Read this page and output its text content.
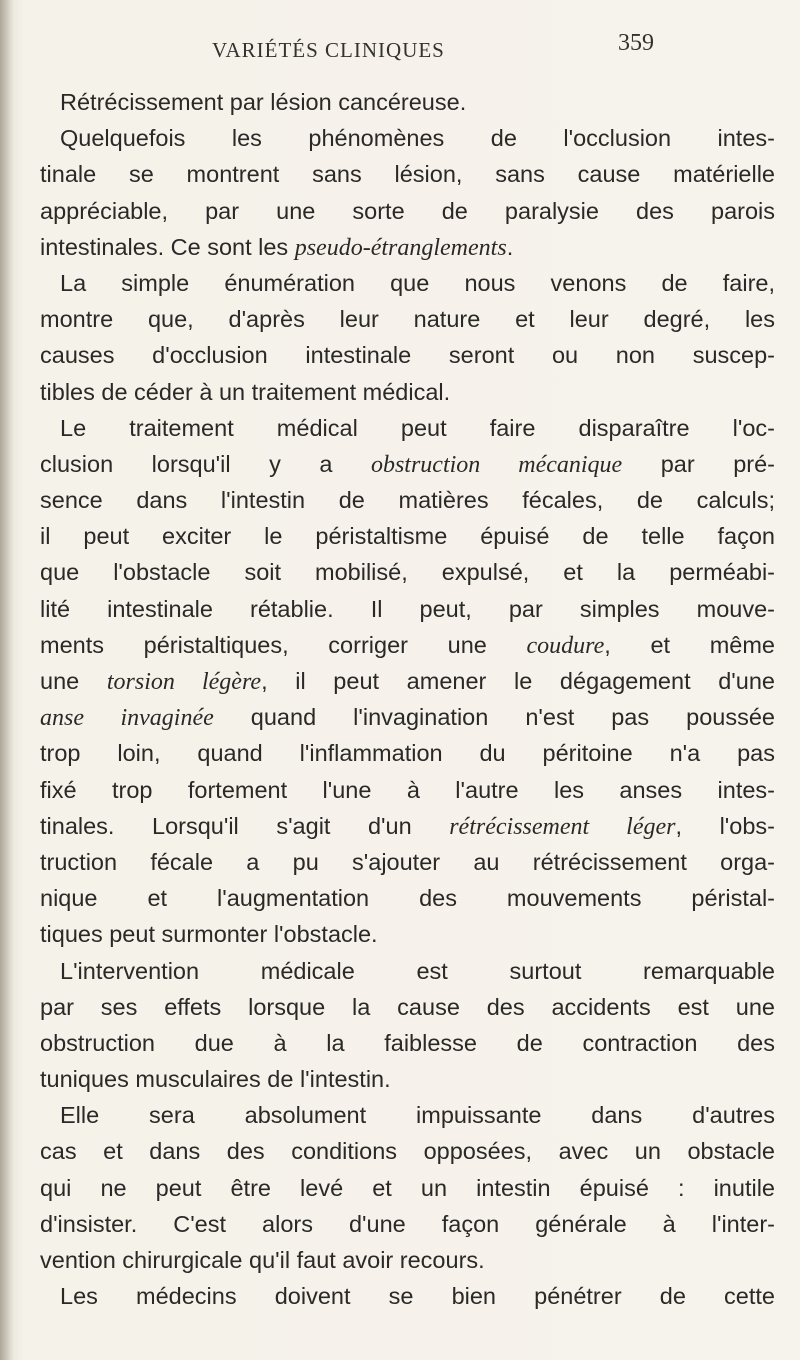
VARIÉTÉS CLINIQUES	359
Rétrécissement par lésion cancéreuse.
Quelquefois les phénomènes de l'occlusion intes-
tinale se montrent sans lésion, sans cause matérielle
appréciable, par une sorte de paralysie des parois
intestinales. Ce sont les pseudo-étranglements.
La simple énumération que nous venons de faire,
montre que, d'après leur nature et leur degré, les
causes d'occlusion intestinale seront ou non suscep-
tibles de céder à un traitement médical.
Le traitement médical peut faire disparaître l'oc-
clusion lorsqu'il y a obstruction mécanique par pré-
sence dans l'intestin de matières fécales, de calculs;
il peut exciter le péristaltisme épuisé de telle façon
que l'obstacle soit mobilisé, expulsé, et la perméabi-
lité intestinale rétablie. Il peut, par simples mouve-
ments péristaltiques, corriger une coudure, et même
une torsion légère, il peut amener le dégagement d'une
anse invaginée quand l'invagination n'est pas poussée
trop loin, quand l'inflammation du péritoine n'a pas
fixé trop fortement l'une à l'autre les anses intes-
tinales. Lorsqu'il s'agit d'un rétrécissement léger, l'obs-
truction fécale a pu s'ajouter au rétrécissement orga-
nique et l'augmentation des mouvements péristal-
tiques peut surmonter l'obstacle.
L'intervention médicale est surtout remarquable
par ses effets lorsque la cause des accidents est une
obstruction due à la faiblesse de contraction des
tuniques musculaires de l'intestin.
Elle sera absolument impuissante dans d'autres
cas et dans des conditions opposées, avec un obstacle
qui ne peut être levé et un intestin épuisé : inutile
d'insister. C'est alors d'une façon générale à l'inter-
vention chirurgicale qu'il faut avoir recours.
Les médecins doivent se bien pénétrer de cette
